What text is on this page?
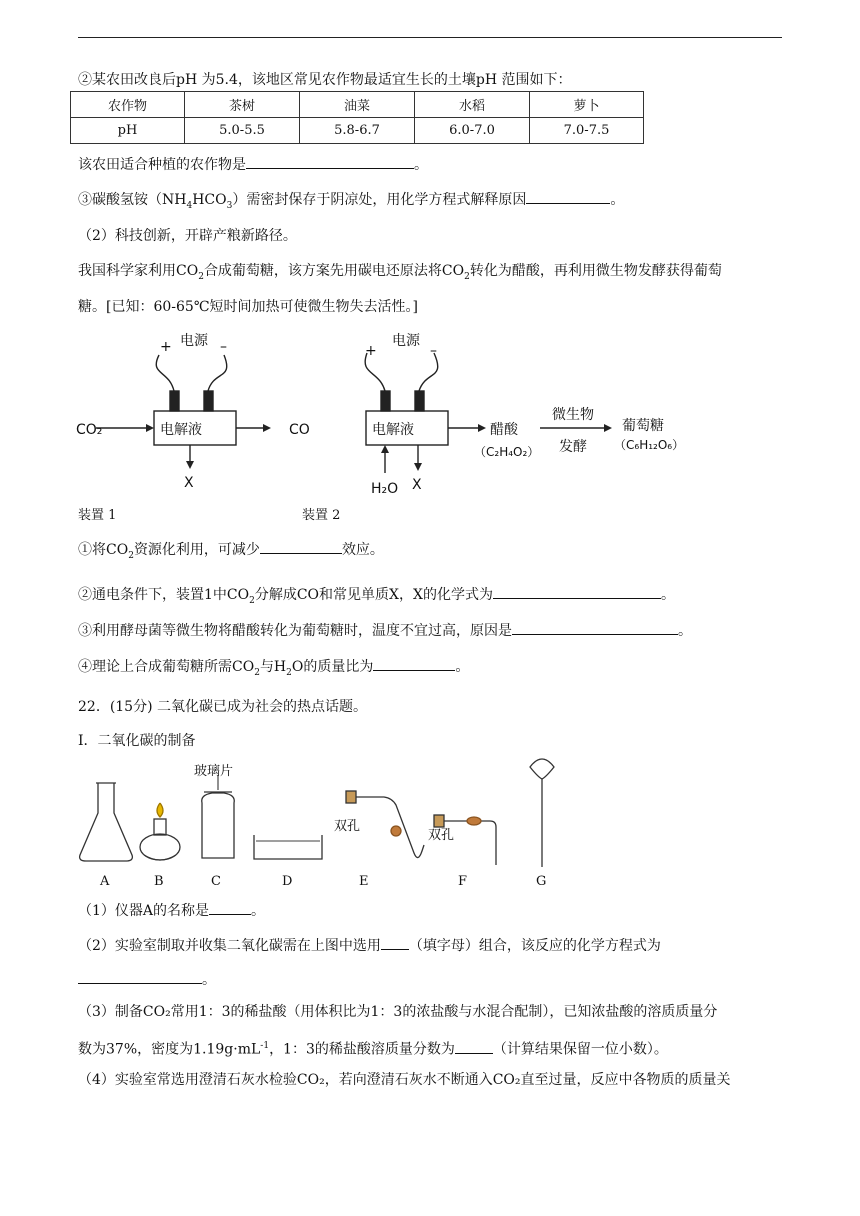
②某农田改良后pH 为5.4，该地区常见农作物最适宜生长的土壤pH 范围如下：
农作物	茶树	油菜	水稻	萝卜
pH	5.0-5.5	5.8-6.7	6.0-7.0	7.0-7.5
该农田适合种植的农作物是	。
③碳酸氢铵$(NH_4HCO_3)$需密封保存于阴凉处，用化学方程式解释原因	。
（2）科技创新，开辟产粮新路径。
我国科学家利用$CO_2$合成葡萄糖，该方案先用碳电还原法将$CO_2$转化为醋酸，再利用微生物发酵获得葡萄
糖。[已知：60-65℃短时间加热可使微生物失去活性。]
+ 电源 –
电解液
CO₂
X
CO
+
电源
–
电解液
H₂O X
醋酸
（C₂H₄O₂）
微生物
发酵
葡萄糖
（C₆H₁₂O₆）
装置 1	装置 2
①将$CO_2$资源化利用，可减少	效应。
②通电条件下，装置1中$CO_2$分解成CO和常见单质X，X的化学式为	。
③利用酵母菌等微生物将醋酸转化为葡萄糖时，温度不宜过高，原因是	。
④理论上合成葡萄糖所需$CO_2$与$H_2O$的质量比为	。
22．(15分) 二氧化碳已成为社会的热点话题。
Ⅰ．二氧化碳的制备
玻璃片
双孔
双孔
A	B	C	D	E	F	G
（1）仪器A的名称是	。
（2）实验室制取并收集二氧化碳需在上图中选用 （填字母）组合，该反应的化学方程式为
。
（3）制备CO₂常用1：3的稀盐酸（用体积比为1：3的浓盐酸与水混合配制），已知浓盐酸的溶质质量分
数为37%，密度为$1.19g\cdot mL^{-1}$，1：3的稀盐酸溶质量分数为	（计算结果保留一位小数）。
（4）实验室常选用澄清石灰水检验CO₂，若向澄清石灰水不断通入CO₂直至过量，反应中各物质的质量关
